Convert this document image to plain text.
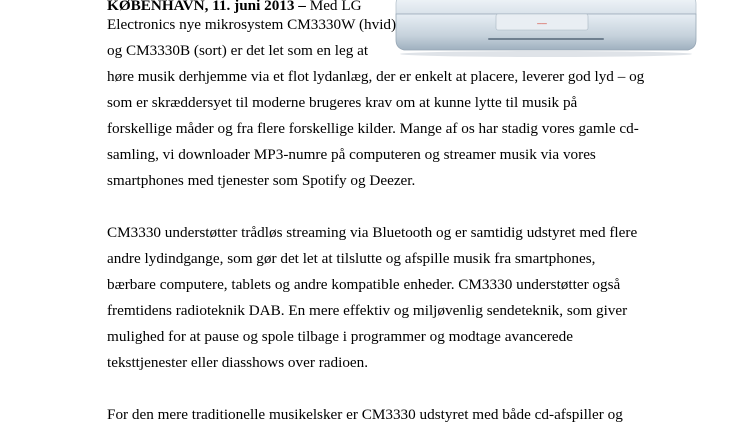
——
KØBENHAVN, 11. juni 2013 – Med LG
Electronics nye mikrosystem CM3330W (hvid)
og CM3330B (sort) er det let som en leg at
høre musik derhjemme via et flot lydanlæg, der er enkelt at placere, leverer god lyd – og
som er skræddersyet til moderne brugeres krav om at kunne lytte til musik på
forskellige måder og fra flere forskellige kilder. Mange af os har stadig vores gamle cd-
samling, vi downloader MP3-numre på computeren og streamer musik via vores
smartphones med tjenester som Spotify og Deezer.
CM3330 understøtter trådløs streaming via Bluetooth og er samtidig udstyret med flere
andre lydindgange, som gør det let at tilslutte og afspille musik fra smartphones,
bærbare computere, tablets og andre kompatible enheder. CM3330 understøtter også
fremtidens radioteknik DAB. En mere effektiv og miljøvenlig sendeteknik, som giver
mulighed for at pause og spole tilbage i programmer og modtage avancerede
teksttjenester eller diasshows over radioen.
For den mere traditionelle musikelsker er CM3330 udstyret med både cd-afspiller og
